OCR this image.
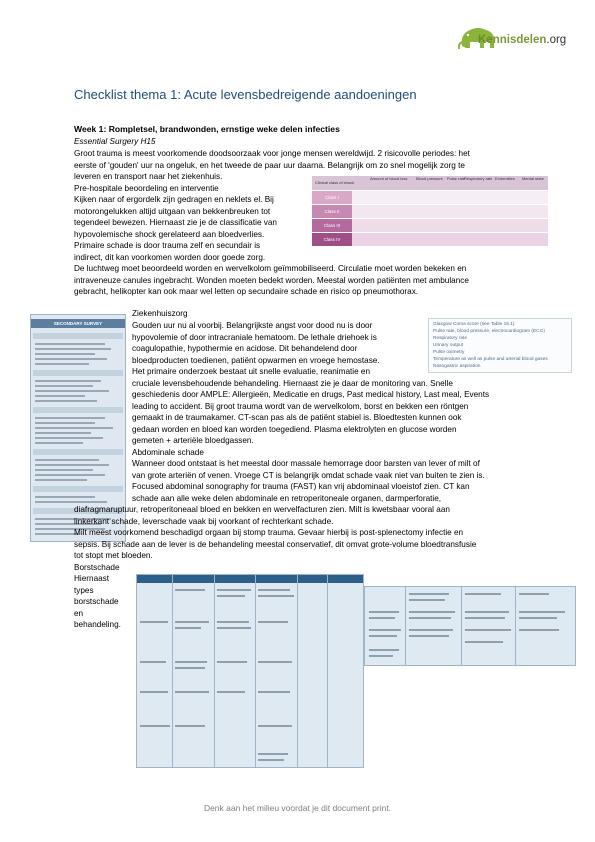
Kennisdelen.org
Checklist thema 1: Acute levensbedreigende aandoeningen
Week 1: Rompletsel, brandwonden, ernstige weke delen infecties
Essential Surgery H15
Groot trauma is meest voorkomende doodsoorzaak voor jonge mensen wereldwijd. 2 risicovolle periodes: het
eerste of 'gouden' uur na ongeluk, en het tweede de paar uur daarna. Belangrijk om zo snel mogelijk zorg te
leveren en transport naar het ziekenhuis.
Pre-hospitale beoordeling en interventie
Kijken naar of ergordelk zijn gedragen en neklets el. Bij
motorongelukken altijd uitgaan van bekkenbreuken tot
tegendeel bewezen. Hiernaast zie je de classificatie van
hypovolemische shock gerelateerd aan bloedverlies.
Primaire schade is door trauma zelf en secundair is
indirect, dit kan voorkomen worden door goede zorg.
De luchtweg moet beoordeeld worden en wervelkolom geïmmobiliseerd. Circulatie moet worden bekeken en
intraveneuze canules ingebracht. Wonden moeten bedekt worden. Meestal worden patiënten met ambulance
gebracht, helikopter kan ook maar wel letten op secundaire schade en risico op pneumothorax.
Clinical class of shock
Amount of blood loss Blood pressure Pulse rate
Respiratory rate Extremities Mental state
Class I
Class II
Class III
Class IV
SECONDARY SURVEY
Ziekenhuiszorg
Gouden uur nu al voorbij. Belangrijkste angst voor dood nu is door
hypovolemie of door intracraniale hematoom. De lethale driehoek is
coagulopathie, hypothermie en acidose. Dit behandelend door
bloedproducten toedienen, patiënt opwarmen en vroege hemostase.
Het primaire onderzoek bestaat uit snelle evaluatie, reanimatie en
cruciale levensbehoudende behandeling. Hiernaast zie je daar de monitoring van. Snelle
geschiedenis door AMPLE: Allergieën, Medicatie en drugs, Past medical history, Last meal, Events
leading to accident. Bij groot trauma wordt van de wervelkolom, borst en bekken een röntgen
gemaakt in de traumakamer. CT-scan pas als de patiënt stabiel is. Bloedtesten kunnen ook
gedaan worden en bloed kan worden toegediend. Plasma elektrolyten en glucose worden
gemeten + arteriële bloedgassen.
Glasgow Coma score (see Table 15.1)
Pulse rate, blood pressure, electrocardiogram (ECG)
Respiratory rate
Urinary output
Pulse oximetry
Temperature as well as pulse and arterial blood gases
Nasogastric aspiration
Abdominale schade
Wanneer dood ontstaat is het meestal door massale hemorrage door barsten van lever of milt of
van grote arteriën of venen. Vroege CT is belangrijk omdat schade vaak niet van buiten te zien is.
Focused abdominal sonography for trauma (FAST) kan vrij abdominaal vloeistof zien. CT kan
schade aan alle weke delen abdominale en retroperitoneale organen, darmperforatie,
diafragmaruptuur, retroperitoneaal bloed en bekken en wervelfacturen zien. Milt is kwetsbaar vooral aan
linkerkant schade, leverschade vaak bij voorkant of rechterkant schade.
Milt meest voorkomend beschadigd orgaan bij stomp trauma. Gevaar hierbij is post-splenectomy infectie en
sepsis. Bij schade aan de lever is de behandeling meestal conservatief, dit omvat grote-volume bloedtransfusie
tot stopt met bloeden.
Borstschade
Hiernaast
types
borstschade
en
behandeling.
Denk aan het milieu voordat je dit document print.
